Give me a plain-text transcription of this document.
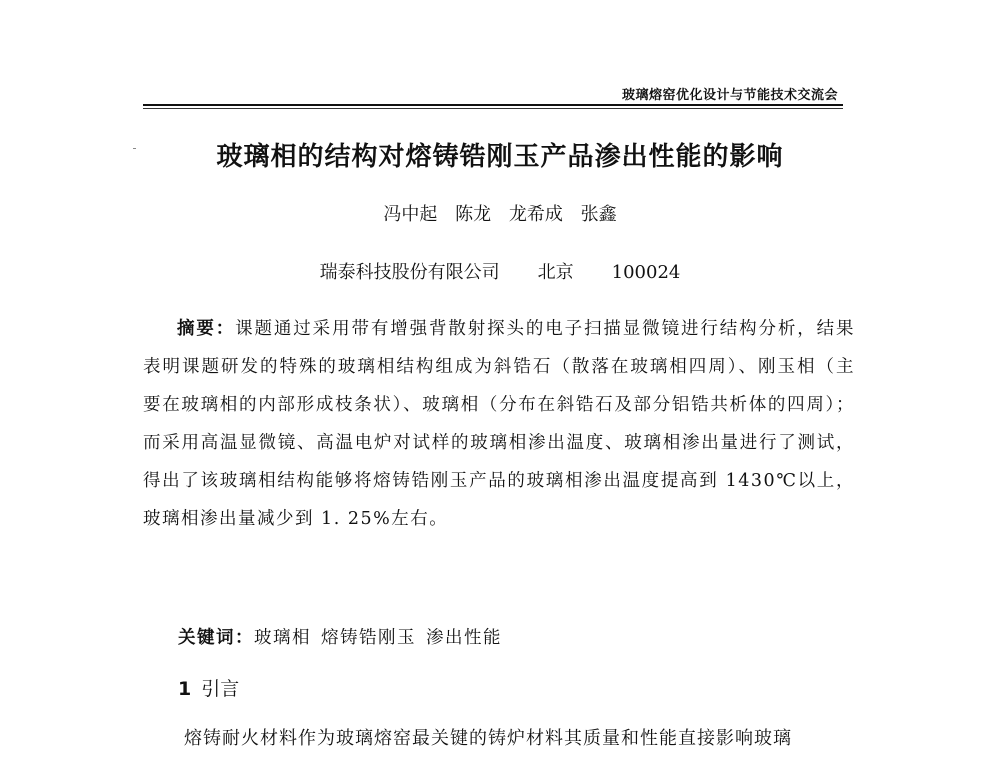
玻璃熔窑优化设计与节能技术交流会
玻璃相的结构对熔铸锆刚玉产品渗出性能的影响
冯中起 陈龙 龙希成 张鑫
瑞泰科技股份有限公司 北京 100024
摘要：课题通过采用带有增强背散射探头的电子扫描显微镜进行结构分析，结果表明课题研发的特殊的玻璃相结构组成为斜锆石（散落在玻璃相四周）、刚玉相（主要在玻璃相的内部形成枝条状）、玻璃相（分布在斜锆石及部分铝锆共析体的四周）；而采用高温显微镜、高温电炉对试样的玻璃相渗出温度、玻璃相渗出量进行了测试，得出了该玻璃相结构能够将熔铸锆刚玉产品的玻璃相渗出温度提高到 1430℃以上，玻璃相渗出量减少到 1. 25%左右。
关键词：玻璃相 熔铸锆刚玉 渗出性能
1 引言
熔铸耐火材料作为玻璃熔窑最关键的铸炉材料其质量和性能直接影响玻璃
